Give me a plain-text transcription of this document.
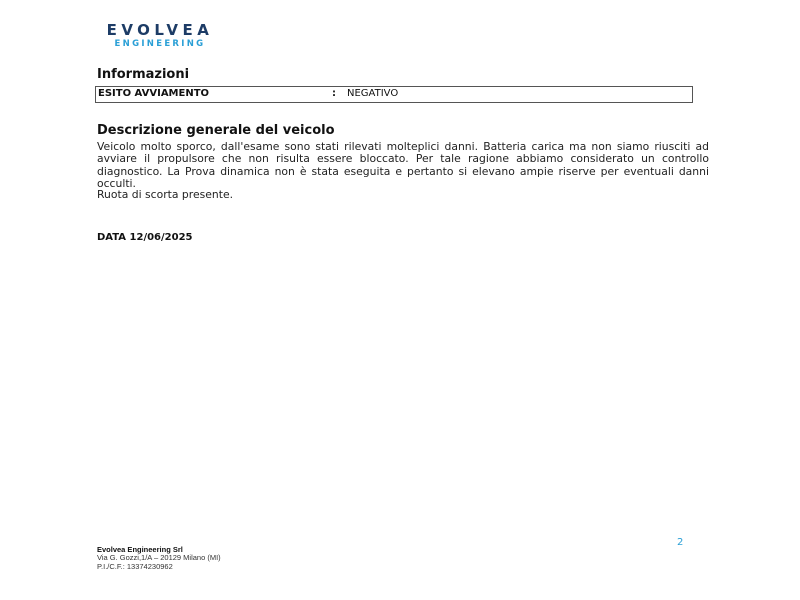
EVOLVEA
ENGINEERING
Informazioni
ESITO AVVIAMENTO	: NEGATIVO
Descrizione generale del veicolo

Veicolo molto sporco, dall'esame sono stati rilevati molteplici danni. Batteria carica ma non siamo riusciti ad avviare il propulsore che non risulta essere bloccato. Per tale ragione abbiamo considerato un controllo diagnostico. La Prova dinamica non è stata eseguita e pertanto si elevano ampie riserve per eventuali danni occulti.

Ruota di scorta presente.

DATA 12/06/2025
2
Evolvea Engineering Srl
Via G. Gozzi,1/A – 20129 Milano (MI)
P.I./C.F.: 13374230962
